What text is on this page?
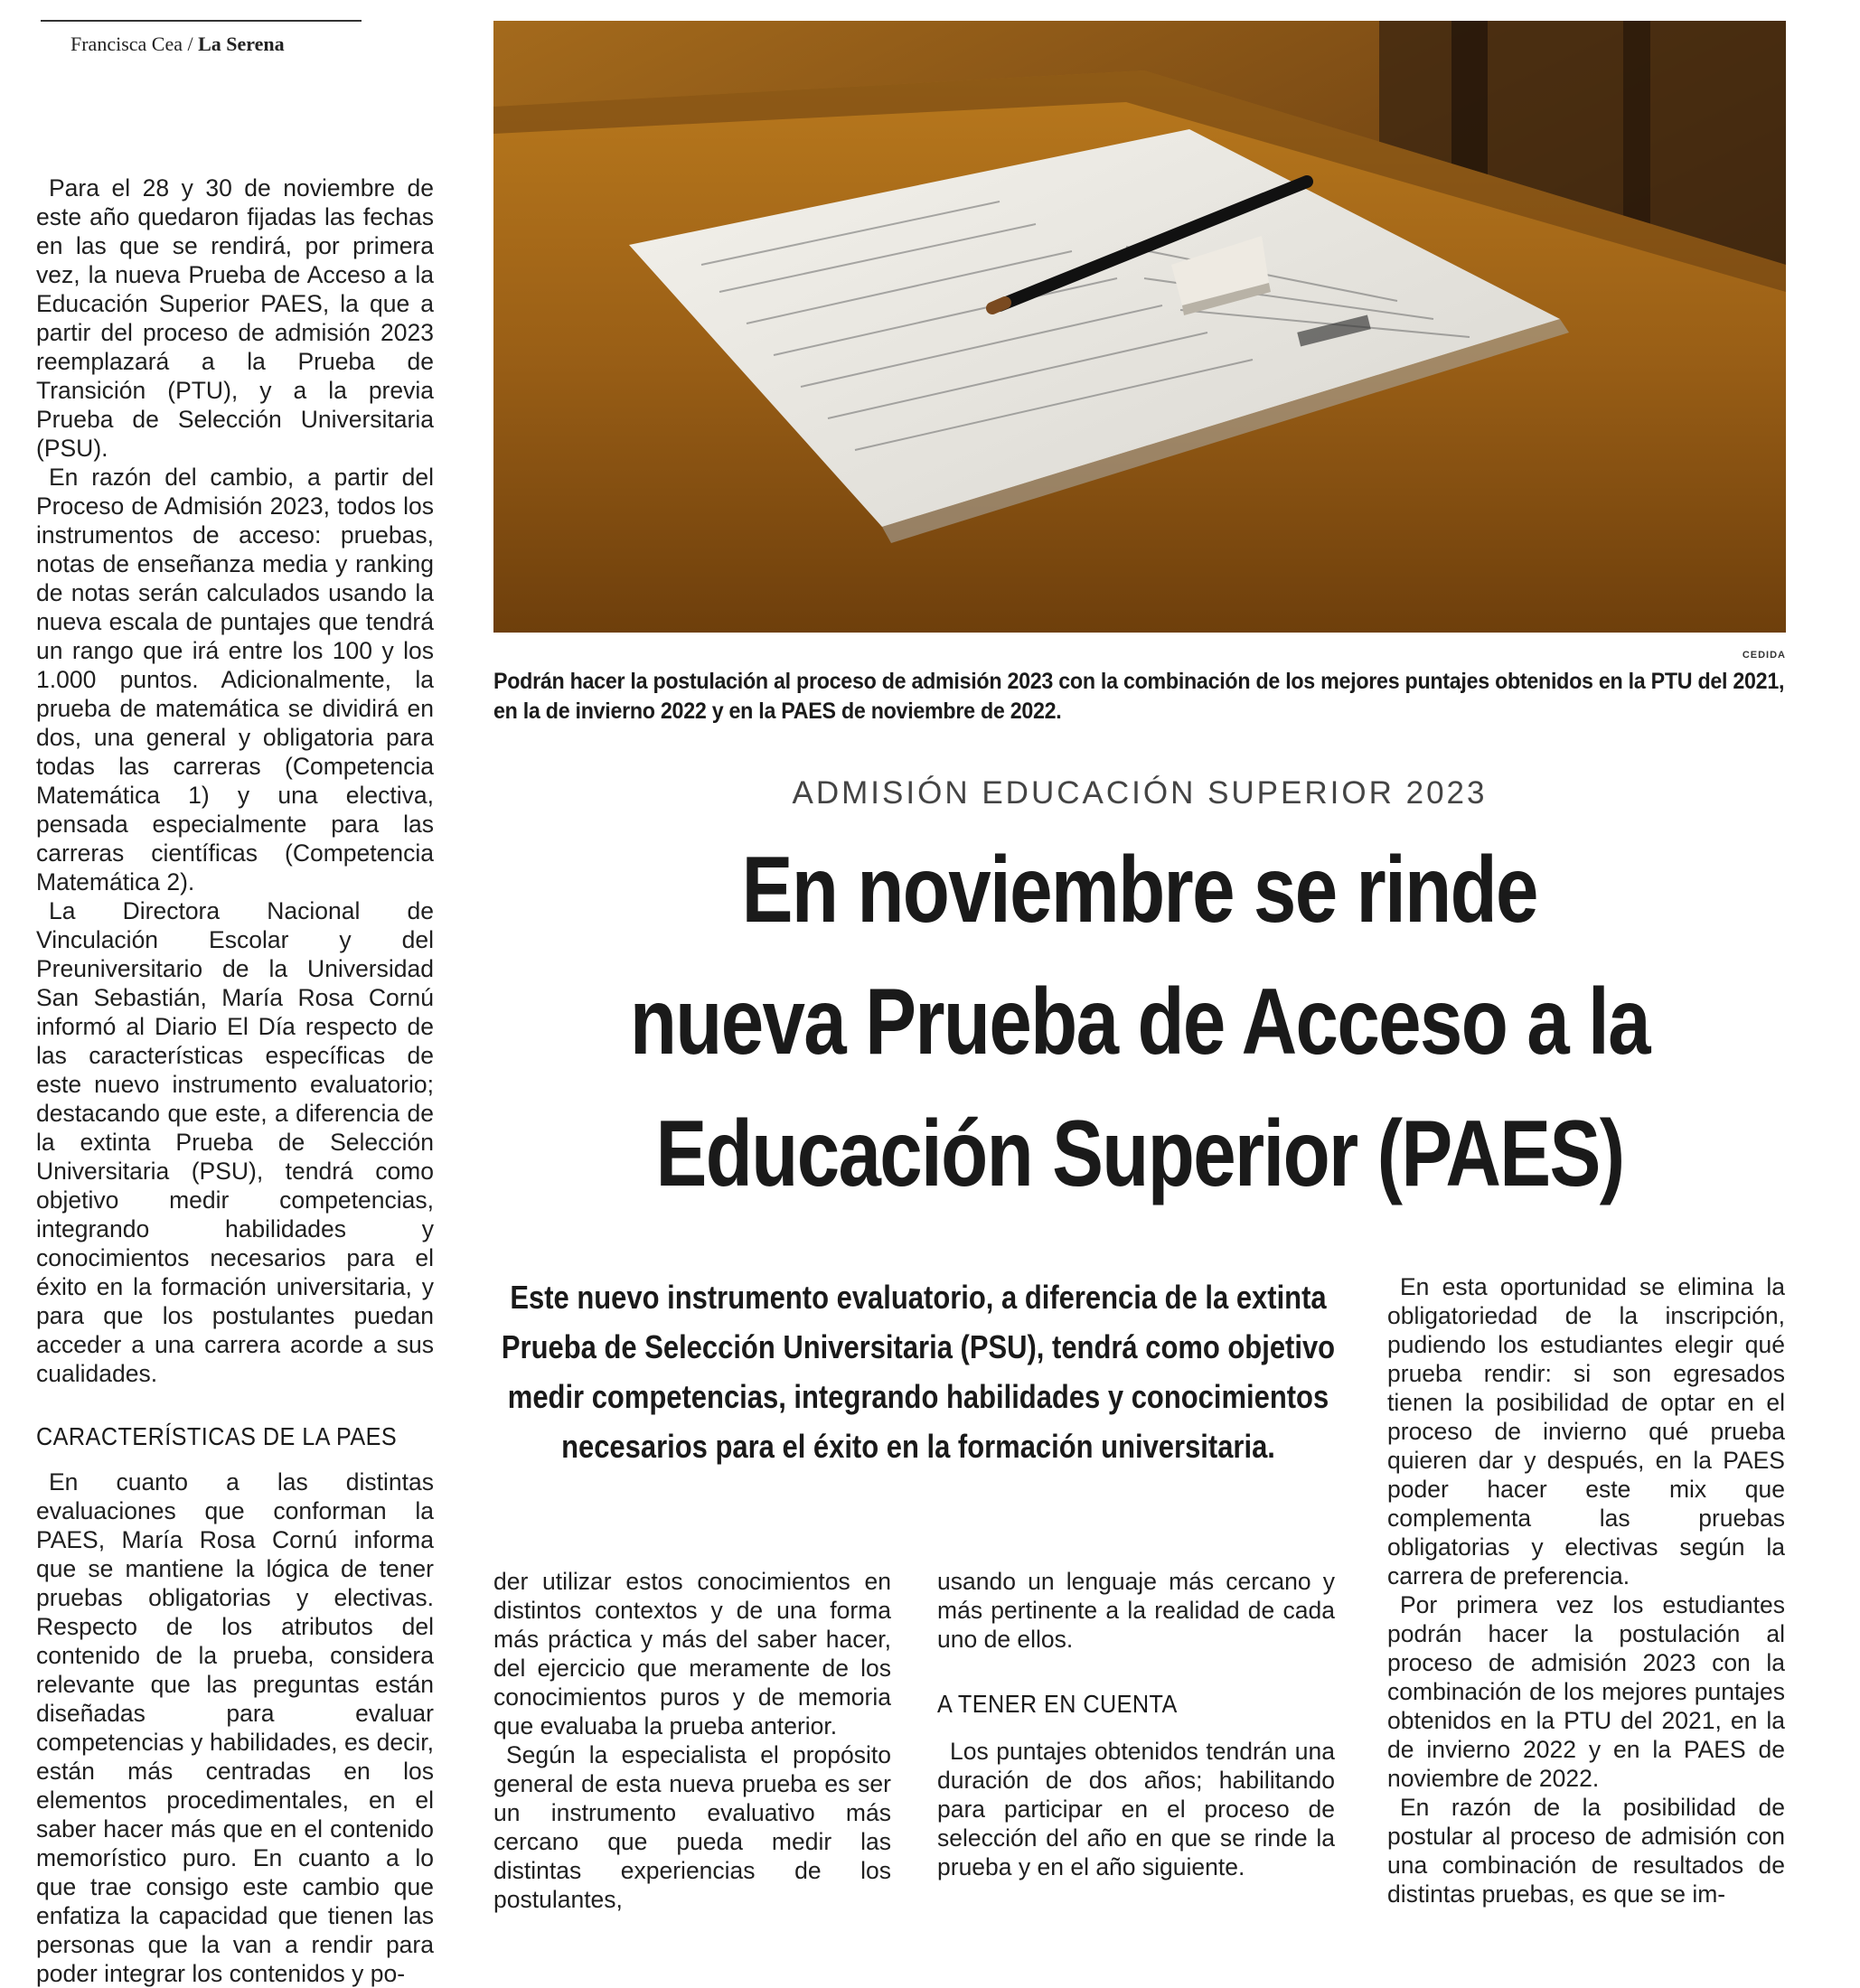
Francisca Cea / La Serena

Para el 28 y 30 de noviembre de este año quedaron fijadas las fechas en las que se rendirá, por primera vez, la nueva Prueba de Acceso a la Educación Superior PAES, la que a partir del proceso de admisión 2023 reemplazará a la Prueba de Transición (PTU), y a la previa Prueba de Selección Universitaria (PSU).

En razón del cambio, a partir del Proceso de Admisión 2023, todos los instrumentos de acceso: pruebas, notas de enseñanza media y ranking de notas serán calculados usando la nueva escala de puntajes que tendrá un rango que irá entre los 100 y los 1.000 puntos. Adicionalmente, la prueba de matemática se dividirá en dos, una general y obligatoria para todas las carreras (Competencia Matemática 1) y una electiva, pensada especialmente para las carreras científicas (Competencia Matemática 2).

La Directora Nacional de Vinculación Escolar y del Preuniversitario de la Universidad San Sebastián, María Rosa Cornú informó al Diario El Día respecto de las características específicas de este nuevo instrumento evaluatorio; destacando que este, a diferencia de la extinta Prueba de Selección Universitaria (PSU), tendrá como objetivo medir competencias, integrando habilidades y conocimientos necesarios para el éxito en la formación universitaria, y para que los postulantes puedan acceder a una carrera acorde a sus cualidades.

CARACTERÍSTICAS DE LA PAES

En cuanto a las distintas evaluaciones que conforman la PAES, María Rosa Cornú informa que se mantiene la lógica de tener pruebas obligatorias y electivas. Respecto de los atributos del contenido de la prueba, considera relevante que las preguntas están diseñadas para evaluar competencias y habilidades, es decir, están más centradas en los elementos procedimentales, en el saber hacer más que en el contenido memorístico puro. En cuanto a lo que trae consigo este cambio que enfatiza la capacidad que tienen las personas que la van a rendir para poder integrar los contenidos y po-

CEDIDA
Podrán hacer la postulación al proceso de admisión 2023 con la combinación de los mejores puntajes obtenidos en la PTU del 2021, en la de invierno 2022 y en la PAES de noviembre de 2022.
ADMISIÓN EDUCACIÓN SUPERIOR 2023
En noviembre se rinde
nueva Prueba de Acceso a la
Educación Superior (PAES)
Este nuevo instrumento evaluatorio, a diferencia de la extinta Prueba de Selección Universitaria (PSU), tendrá como objetivo medir competencias, integrando habilidades y conocimientos necesarios para el éxito en la formación universitaria.

der utilizar estos conocimientos en distintos contextos y de una forma más práctica y más del saber hacer, del ejercicio que meramente de los conocimientos puros y de memoria que evaluaba la prueba anterior.

Según la especialista el propósito general de esta nueva prueba es ser un instrumento evaluativo más cercano que pueda medir las distintas experiencias de los postulantes,

usando un lenguaje más cercano y más pertinente a la realidad de cada uno de ellos.

A TENER EN CUENTA

Los puntajes obtenidos tendrán una duración de dos años; habilitando para participar en el proceso de selección del año en que se rinde la prueba y en el año siguiente.

En esta oportunidad se elimina la obligatoriedad de la inscripción, pudiendo los estudiantes elegir qué prueba rendir: si son egresados tienen la posibilidad de optar en el proceso de invierno qué prueba quieren dar y después, en la PAES poder hacer este mix que complementa las pruebas obligatorias y electivas según la carrera de preferencia.

Por primera vez los estudiantes podrán hacer la postulación al proceso de admisión 2023 con la combinación de los mejores puntajes obtenidos en la PTU del 2021, en la de invierno 2022 y en la PAES de noviembre de 2022.

En razón de la posibilidad de postular al proceso de admisión con una combinación de resultados de distintas pruebas, es que se im-
